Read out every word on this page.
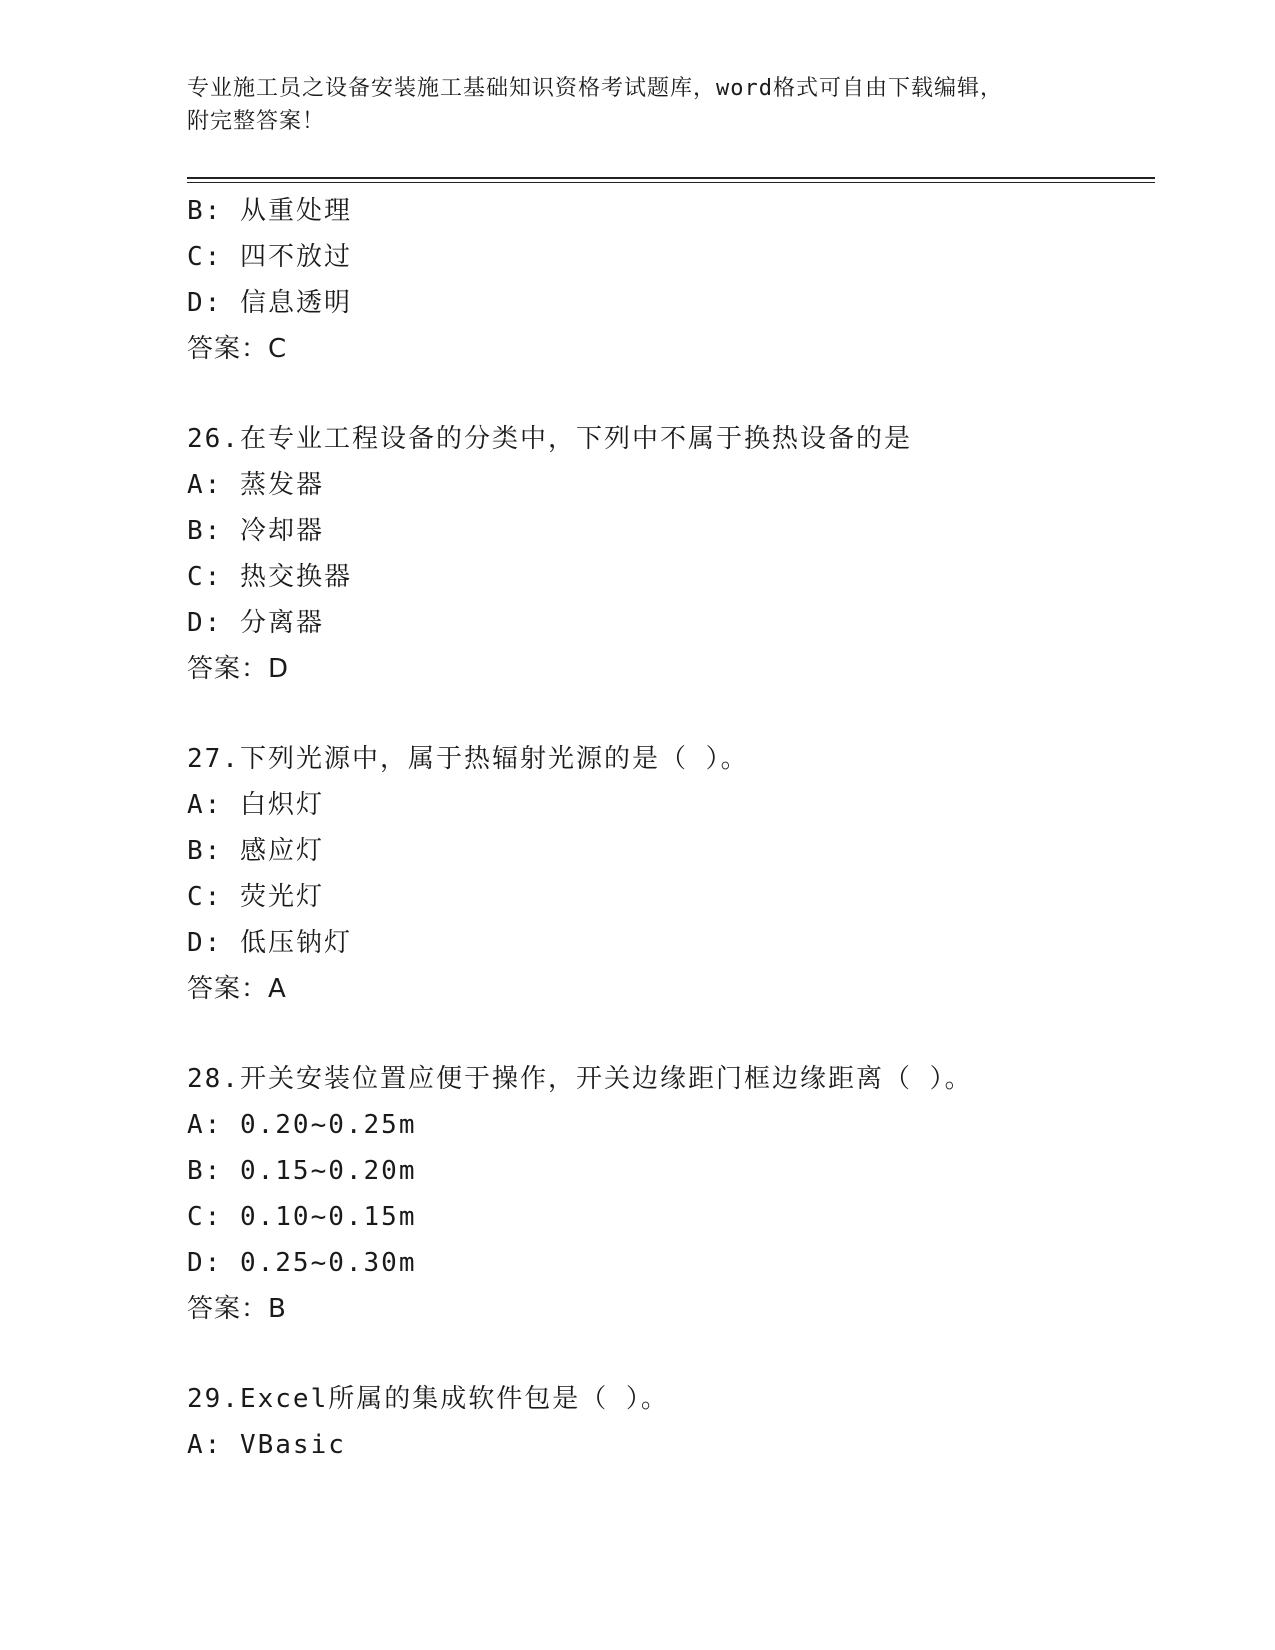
专业施工员之设备安装施工基础知识资格考试题库，word格式可自由下载编辑，
附完整答案！
B: 从重处理
C: 四不放过
D: 信息透明
答案：C
26.在专业工程设备的分类中，下列中不属于换热设备的是
A: 蒸发器
B: 冷却器
C: 热交换器
D: 分离器
答案：D
27.下列光源中，属于热辐射光源的是（ ）。
A: 白炽灯
B: 感应灯
C: 荧光灯
D: 低压钠灯
答案：A
28.开关安装位置应便于操作，开关边缘距门框边缘距离（ ）。
A: 0.20~0.25m
B: 0.15~0.20m
C: 0.10~0.15m
D: 0.25~0.30m
答案：B
29.Excel所属的集成软件包是（ ）。
A: VBasic
